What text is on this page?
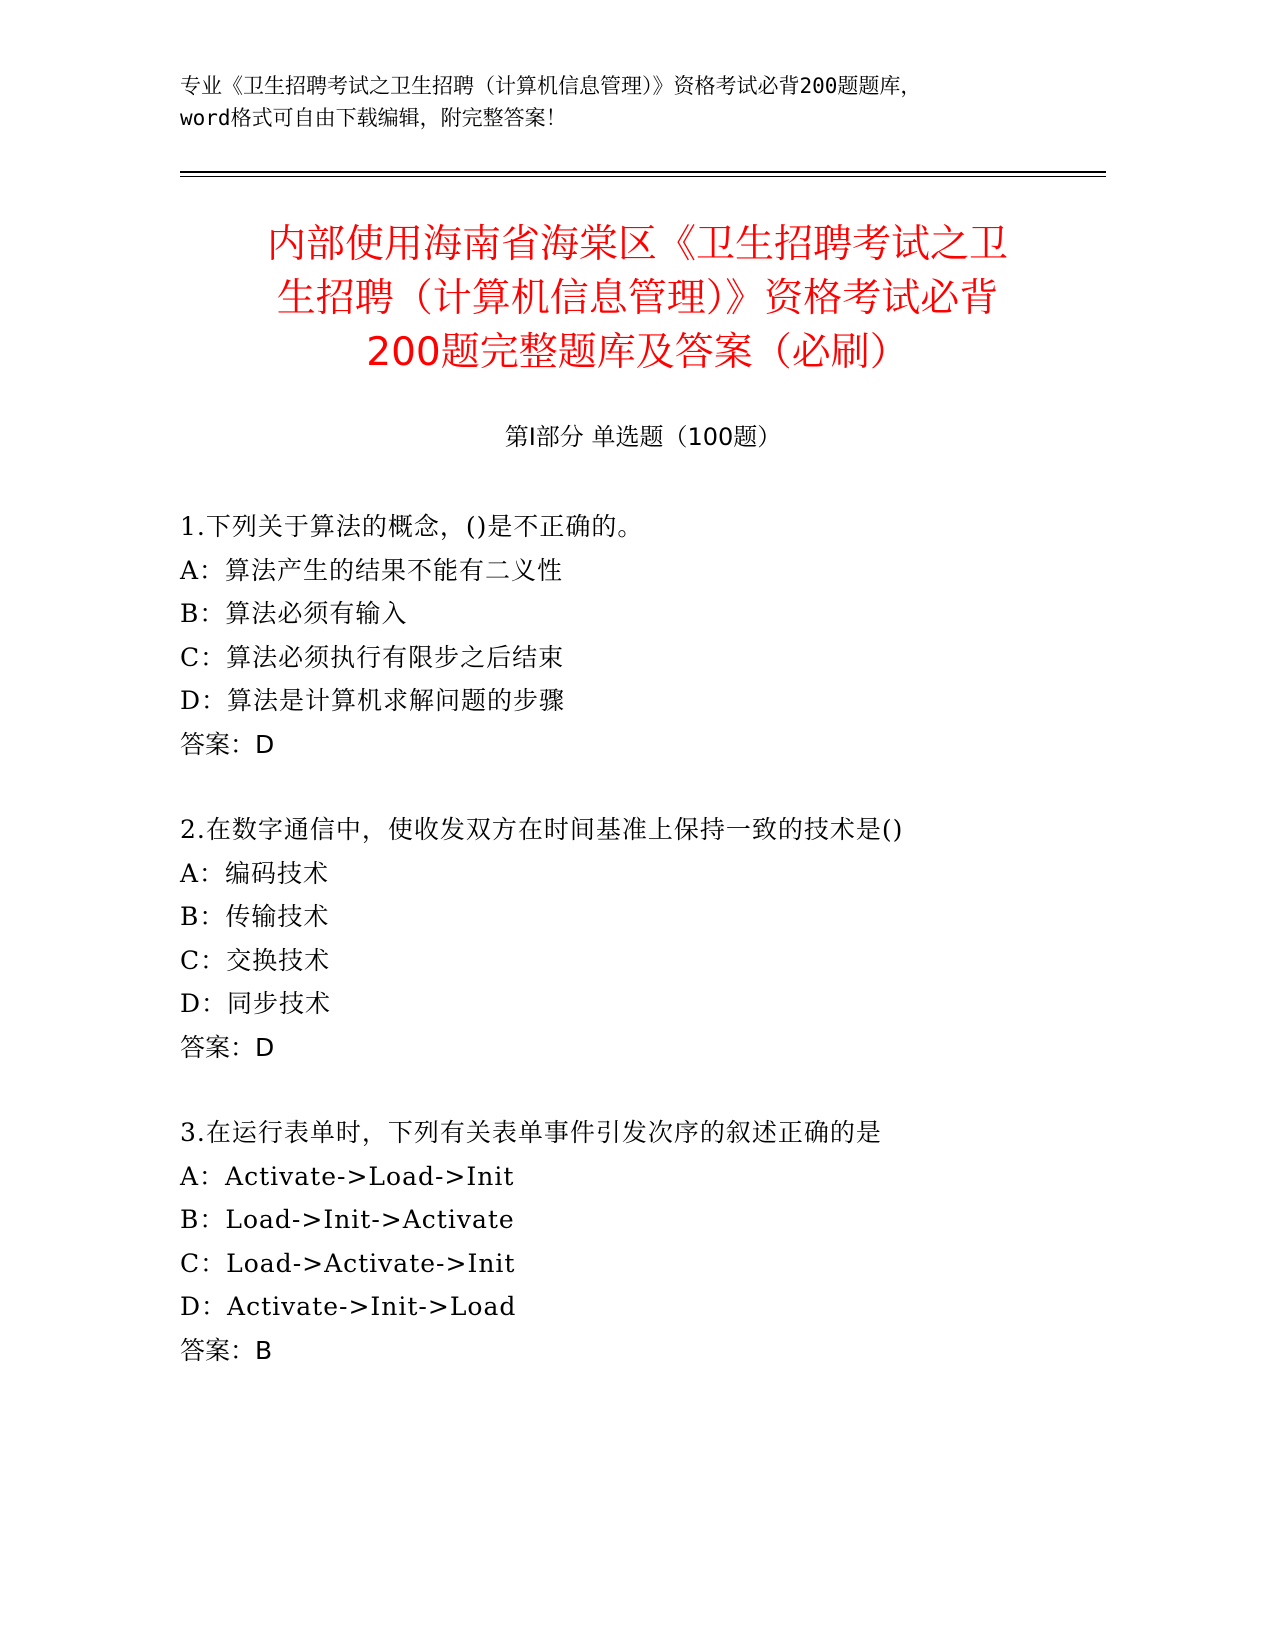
专业《卫生招聘考试之卫生招聘（计算机信息管理）》资格考试必背200题题库，
word格式可自由下载编辑，附完整答案！
内部使用海南省海棠区《卫生招聘考试之卫
生招聘（计算机信息管理）》资格考试必背
200题完整题库及答案（必刷）
第Ⅰ部分 单选题（100题）
1.下列关于算法的概念，()是不正确的。
A：算法产生的结果不能有二义性
B：算法必须有输入
C：算法必须执行有限步之后结束
D：算法是计算机求解问题的步骤
答案：D
2.在数字通信中，使收发双方在时间基准上保持一致的技术是()
A：编码技术
B：传输技术
C：交换技术
D：同步技术
答案：D
3.在运行表单时，下列有关表单事件引发次序的叙述正确的是
A：Activate->Load->Init
B：Load->Init->Activate
C：Load->Activate->Init
D：Activate->Init->Load
答案：B
